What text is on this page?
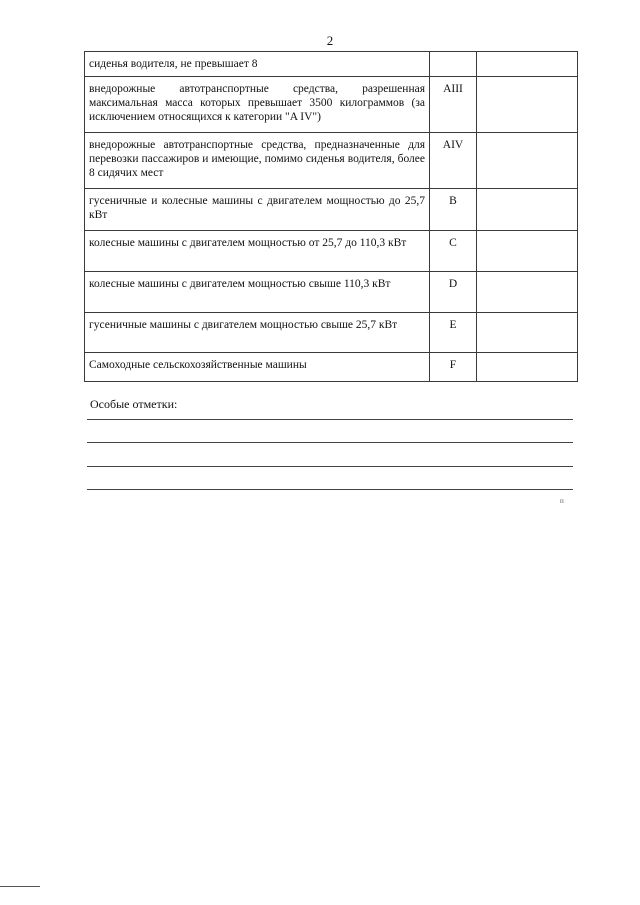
2
сиденья водителя, не превышает 8		
внедорожные автотранспортные средства, разрешенная максимальная масса которых превышает 3500 килограммов (за исключением относящихся к категории "A IV")	AIII	
внедорожные автотранспортные средства, предназначенные для перевозки пассажиров и имеющие, помимо сиденья водителя, более 8 сидячих мест	AIV	
гусеничные и колесные машины с двигателем мощностью до 25,7 кВт	B	
колесные машины с двигателем мощностью от 25,7 до 110,3 кВт	C	
колесные машины с двигателем мощностью свыше 110,3 кВт	D	
гусеничные машины с двигателем мощностью свыше 25,7 кВт	E	
Самоходные сельскохозяйственные машины	F	
Особые отметки:
п
